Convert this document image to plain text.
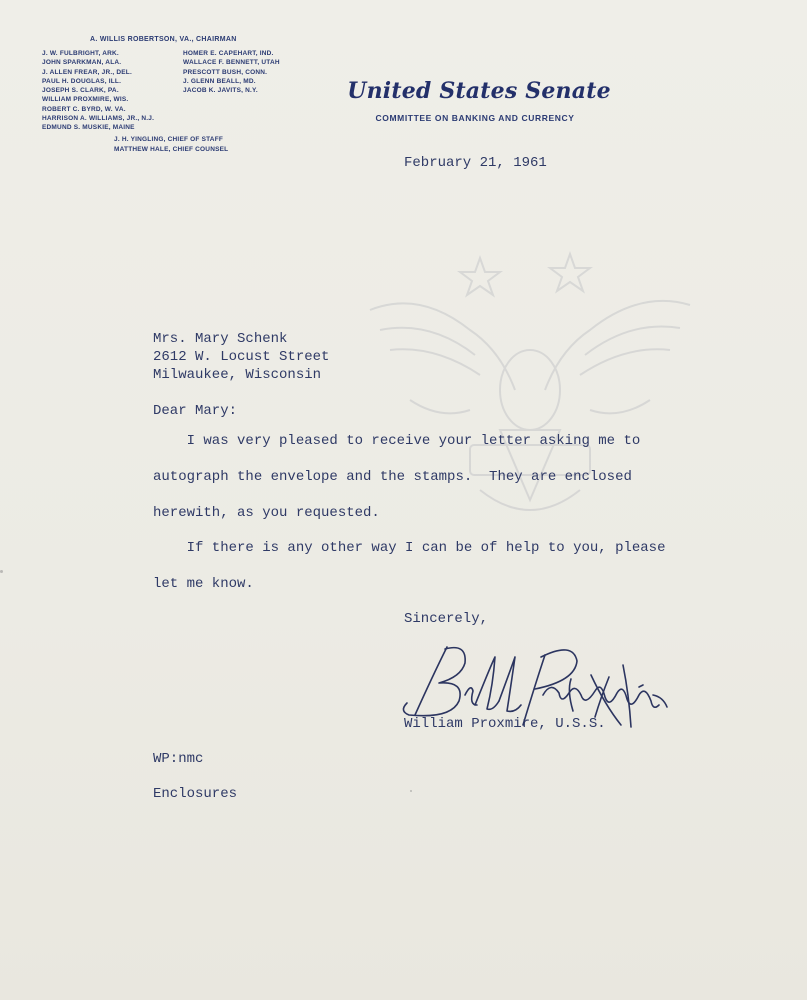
A. WILLIS ROBERTSON, VA., CHAIRMAN
J. W. FULBRIGHT, ARK.
JOHN SPARKMAN, ALA.
J. ALLEN FREAR, JR., DEL.
PAUL H. DOUGLAS, ILL.
JOSEPH S. CLARK, PA.
WILLIAM PROXMIRE, WIS.
ROBERT C. BYRD, W. VA.
HARRISON A. WILLIAMS, JR., N.J.
EDMUND S. MUSKIE, MAINE
HOMER E. CAPEHART, IND.
WALLACE F. BENNETT, UTAH
PRESCOTT BUSH, CONN.
J. GLENN BEALL, MD.
JACOB K. JAVITS, N.Y.
J. H. YINGLING, CHIEF OF STAFF
MATTHEW HALE, CHIEF COUNSEL
United States Senate
COMMITTEE ON BANKING AND CURRENCY
February 21, 1961
Mrs. Mary Schenk
2612 W. Locust Street
Milwaukee, Wisconsin
Dear Mary:
I was very pleased to receive your letter asking me to
autograph the envelope and the stamps.  They are enclosed
herewith, as you requested.
If there is any other way I can be of help to you, please
let me know.
Sincerely,
William Proxmire, U.S.S.
WP:nmc
Enclosures
